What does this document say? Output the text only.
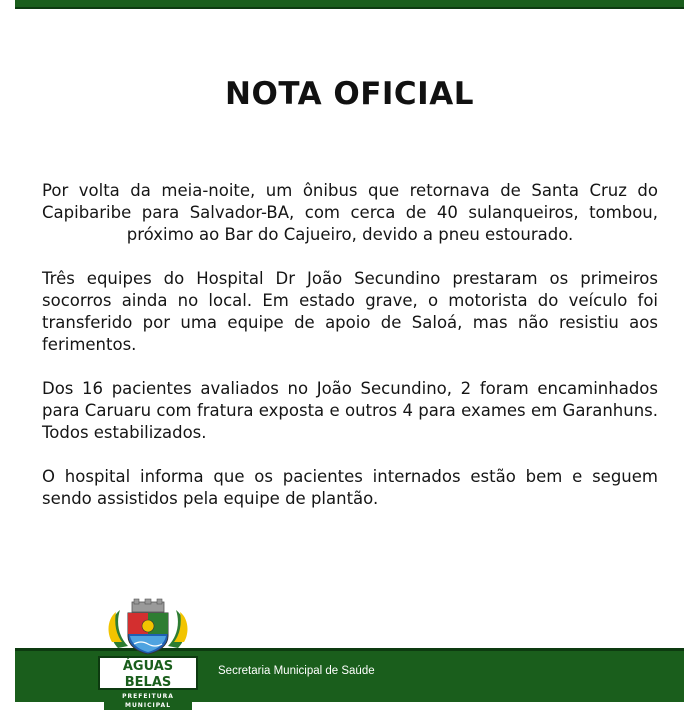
NOTA OFICIAL

Por volta da meia-noite, um ônibus que retornava de Santa Cruz do Capibaribe para Salvador-BA, com cerca de 40 sulanqueiros, tombou, próximo ao Bar do Cajueiro, devido a pneu estourado.

Três equipes do Hospital Dr João Secundino prestaram os primeiros socorros ainda no local. Em estado grave, o motorista do veículo foi transferido por uma equipe de apoio de Saloá, mas não resistiu aos ferimentos.

Dos 16 pacientes avaliados no João Secundino, 2 foram encaminhados para Caruaru com fratura exposta e outros 4 para exames em Garanhuns. Todos estabilizados.

O hospital informa que os pacientes internados estão bem e seguem sendo assistidos pela equipe de plantão.

ÁGUAS BELAS
PREFEITURA MUNICIPAL
Secretaria Municipal de Saúde
